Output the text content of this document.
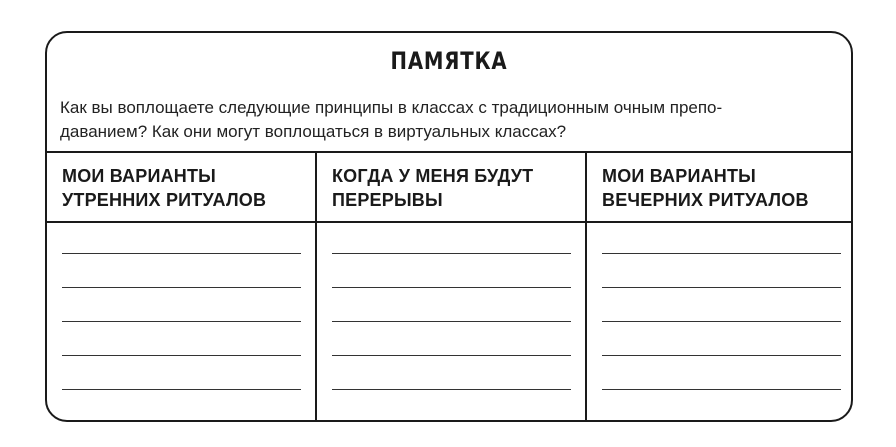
ПАМЯТКА
Как вы воплощаете следующие принципы в классах с традиционным очным препо-
даванием? Как они могут воплощаться в виртуальных классах?
МОИ ВАРИАНТЫ
УТРЕННИХ РИТУАЛОВ
КОГДА У МЕНЯ БУДУТ
ПЕРЕРЫВЫ
МОИ ВАРИАНТЫ
ВЕЧЕРНИХ РИТУАЛОВ
